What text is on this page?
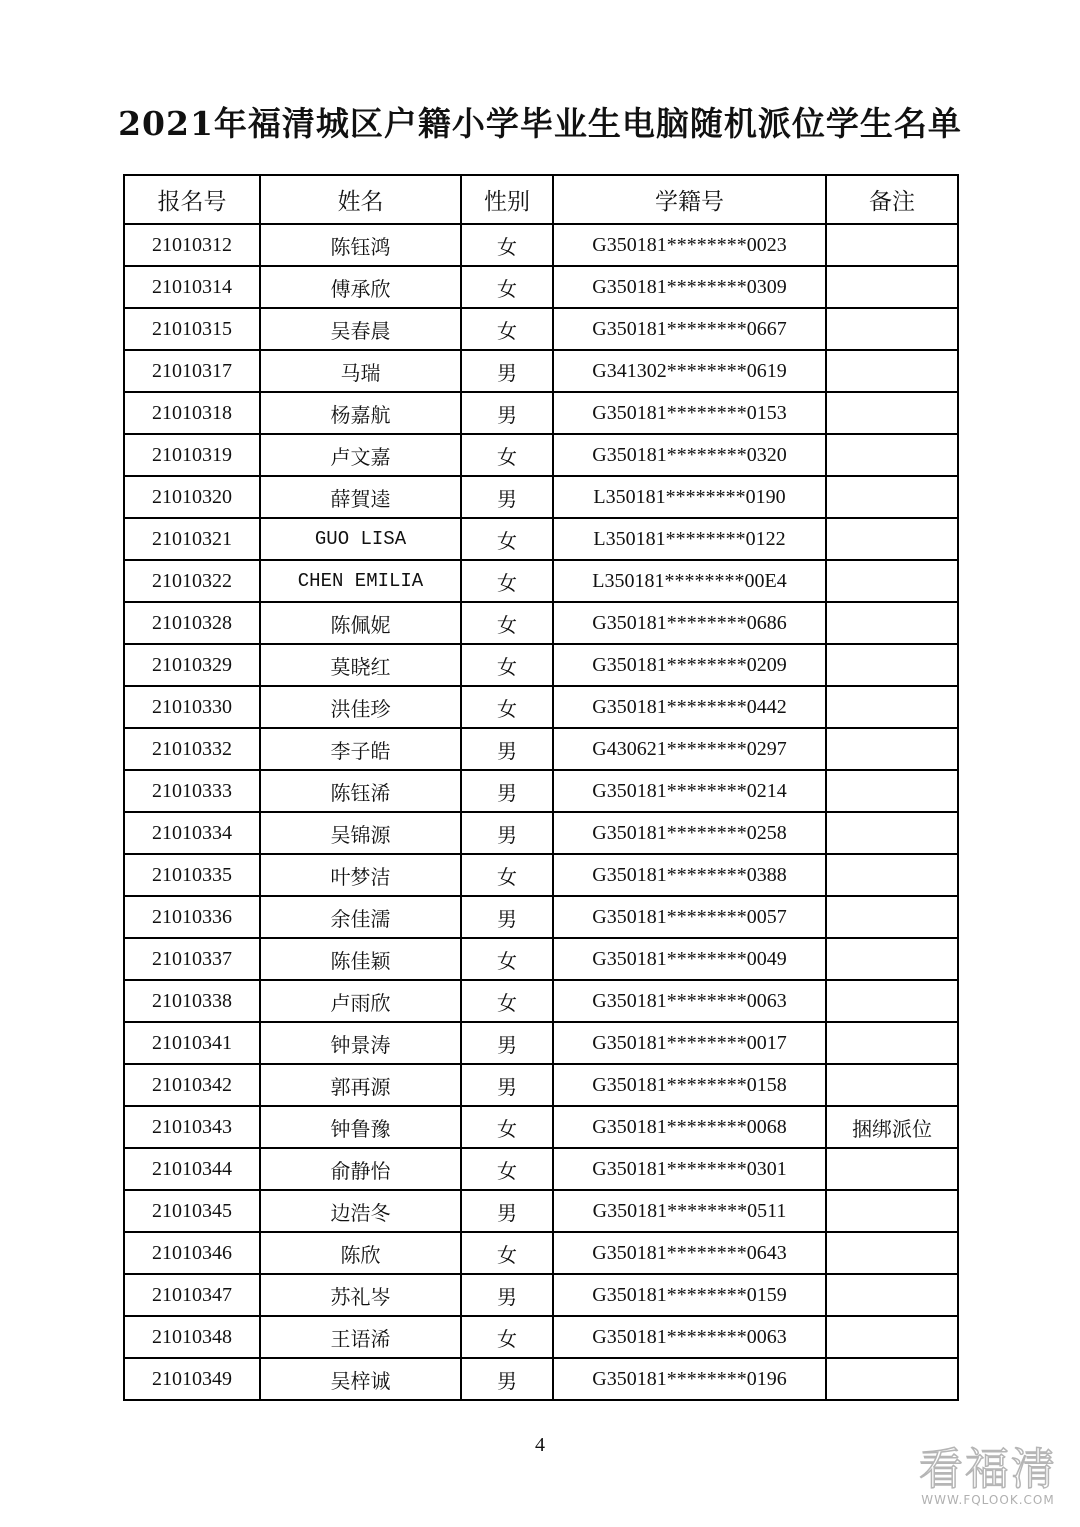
2021年福清城区户籍小学毕业生电脑随机派位学生名单
报名号	姓名	性别	学籍号	备注
21010312	陈钰鸿	女	G350181********0023	
21010314	傅承欣	女	G350181********0309	
21010315	吴春晨	女	G350181********0667	
21010317	马瑞	男	G341302********0619	
21010318	杨嘉航	男	G350181********0153	
21010319	卢文嘉	女	G350181********0320	
21010320	薛賀逵	男	L350181********0190	
21010321	GUO LISA	女	L350181********0122	
21010322	CHEN EMILIA	女	L350181********00E4	
21010328	陈佩妮	女	G350181********0686	
21010329	莫晓红	女	G350181********0209	
21010330	洪佳珍	女	G350181********0442	
21010332	李子皓	男	G430621********0297	
21010333	陈钰浠	男	G350181********0214	
21010334	吴锦源	男	G350181********0258	
21010335	叶梦洁	女	G350181********0388	
21010336	余佳濡	男	G350181********0057	
21010337	陈佳颖	女	G350181********0049	
21010338	卢雨欣	女	G350181********0063	
21010341	钟景涛	男	G350181********0017	
21010342	郭再源	男	G350181********0158	
21010343	钟鲁豫	女	G350181********0068	捆绑派位
21010344	俞静怡	女	G350181********0301	
21010345	边浩冬	男	G350181********0511	
21010346	陈欣	女	G350181********0643	
21010347	苏礼岑	男	G350181********0159	
21010348	王语浠	女	G350181********0063	
21010349	吴梓诚	男	G350181********0196	
4	看福清
WWW.FQLOOK.COM
